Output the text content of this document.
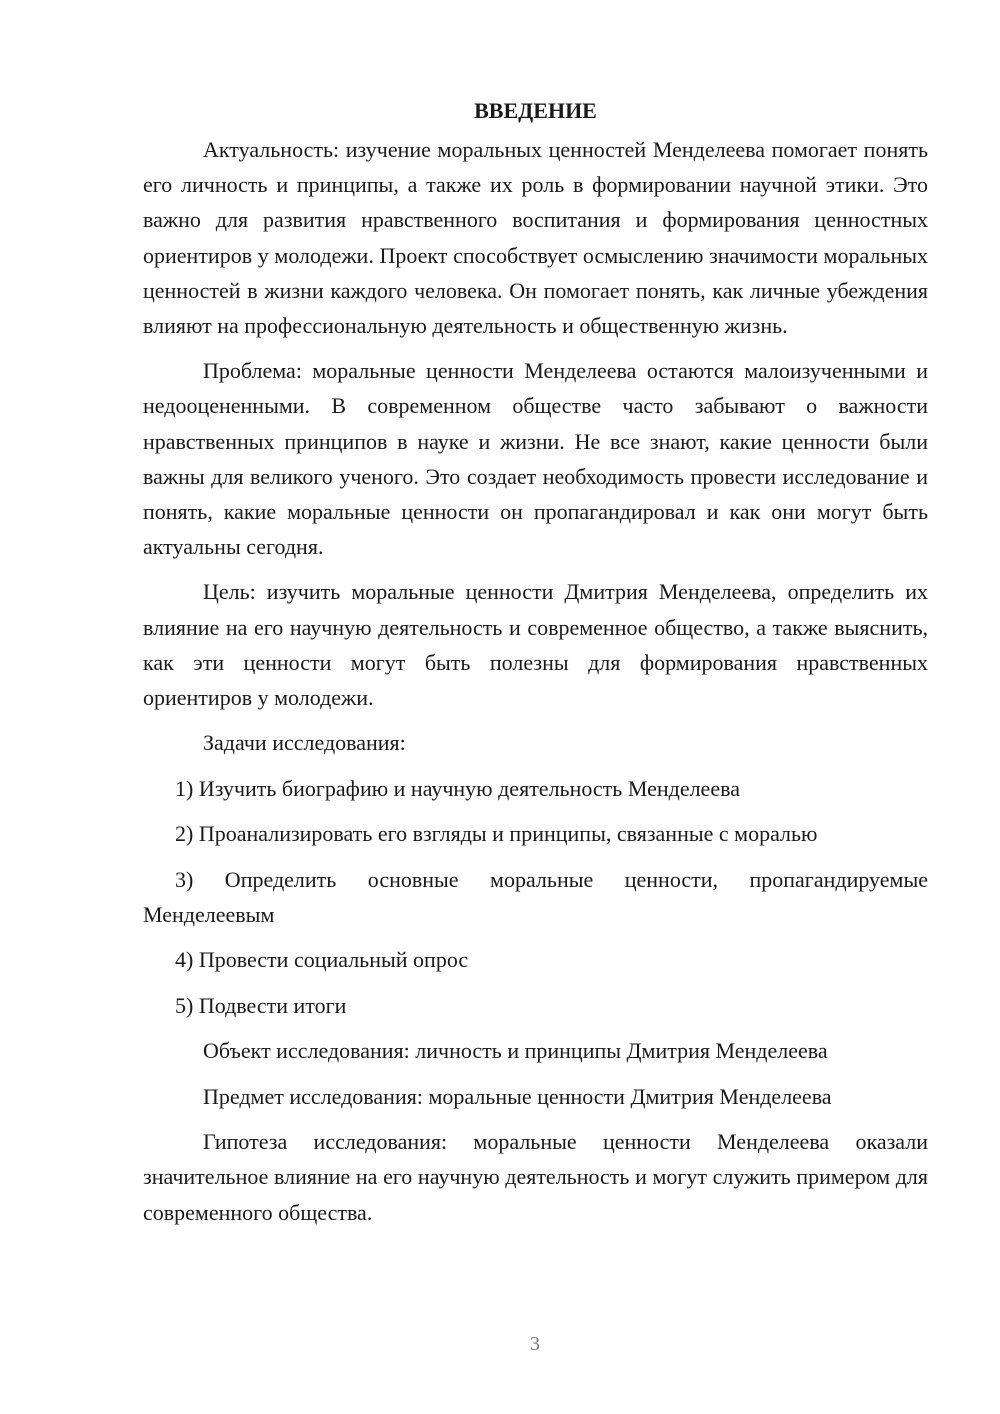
ВВЕДЕНИЕ

Актуальность: изучение моральных ценностей Менделеева помогает понять его личность и принципы, а также их роль в формировании научной этики. Это важно для развития нравственного воспитания и формирования ценностных ориентиров у молодежи. Проект способствует осмыслению значимости моральных ценностей в жизни каждого человека. Он помогает понять, как личные убеждения влияют на профессиональную деятельность и общественную жизнь.

Проблема: моральные ценности Менделеева остаются малоизученными и недооцененными. В современном обществе часто забывают о важности нравственных принципов в науке и жизни. Не все знают, какие ценности были важны для великого ученого. Это создает необходимость провести исследование и понять, какие моральные ценности он пропагандировал и как они могут быть актуальны сегодня.

Цель: изучить моральные ценности Дмитрия Менделеева, определить их влияние на его научную деятельность и современное общество, а также выяснить, как эти ценности могут быть полезны для формирования нравственных ориентиров у молодежи.

Задачи исследования:

1) Изучить биографию и научную деятельность Менделеева

2) Проанализировать его взгляды и принципы, связанные с моралью

3) Определить основные моральные ценности, пропагандируемые Менделеевым

4) Провести социальный опрос

5) Подвести итоги

Объект исследования: личность и принципы Дмитрия Менделеева

Предмет исследования: моральные ценности Дмитрия Менделеева

Гипотеза исследования: моральные ценности Менделеева оказали значительное влияние на его научную деятельность и могут служить примером для современного общества.

3
